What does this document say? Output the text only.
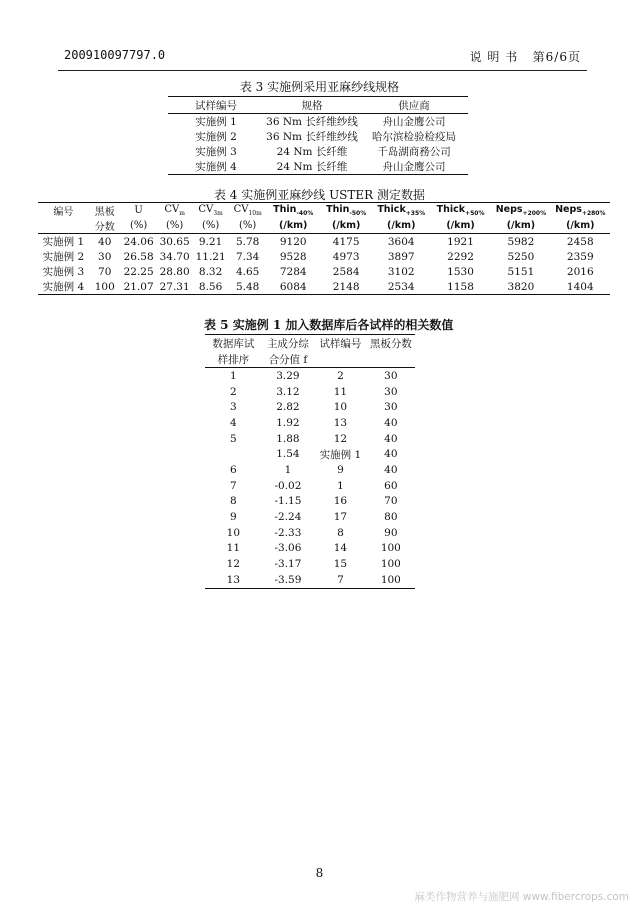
200910097797.0	说 明 书 第6/6页
表 3 实施例采用亚麻纱线规格
试样编号	规格	供应商
实施例 1	36 Nm 长纤维纱线	舟山金鹰公司
实施例 2	36 Nm 长纤维纱线	哈尔滨检验检疫局
实施例 3	24 Nm 长纤维	千岛湖商務公司
实施例 4	24 Nm 长纤维	舟山金鹰公司
表 4 实施例亚麻纱线 USTER 测定数据
编号	黑板	U	$CV_m$	$CV_{3m}$	$CV_{10m}$	Thin$_{-40\%}$	Thin$_{-50\%}$	Thick$_{+35\%}$	Thick$_{+50\%}$	Neps$_{+200\%}$	Neps$_{+280\%}$
	分数	(%)	(%)	(%)	(%)	(/km)	(/km)	(/km)	(/km)	(/km)	(/km)
实施例 1	40	24.06	30.65	9.21	5.78	9120	4175	3604	1921	5982	2458
实施例 2	30	26.58	34.70	11.21	7.34	9528	4973	3897	2292	5250	2359
实施例 3	70	22.25	28.80	8.32	4.65	7284	2584	3102	1530	5151	2016
实施例 4	100	21.07	27.31	8.56	5.48	6084	2148	2534	1158	3820	1404
表 5 实施例 1 加入数据库后各试样的相关数值
数据库试	主成分综	试样编号	黑板分数
样排序	合分值 f		
1	3.29	2	30
2	3.12	11	30
3	2.82	10	30
4	1.92	13	40
5	1.88	12	40
	1.54	实施例 1	40
6	1	9	40
7	-0.02	1	60
8	-1.15	16	70
9	-2.24	17	80
10	-2.33	8	90
11	-3.06	14	100
12	-3.17	15	100
13	-3.59	7	100
8
麻类作物营养与施肥网 www.fibercrops.com
